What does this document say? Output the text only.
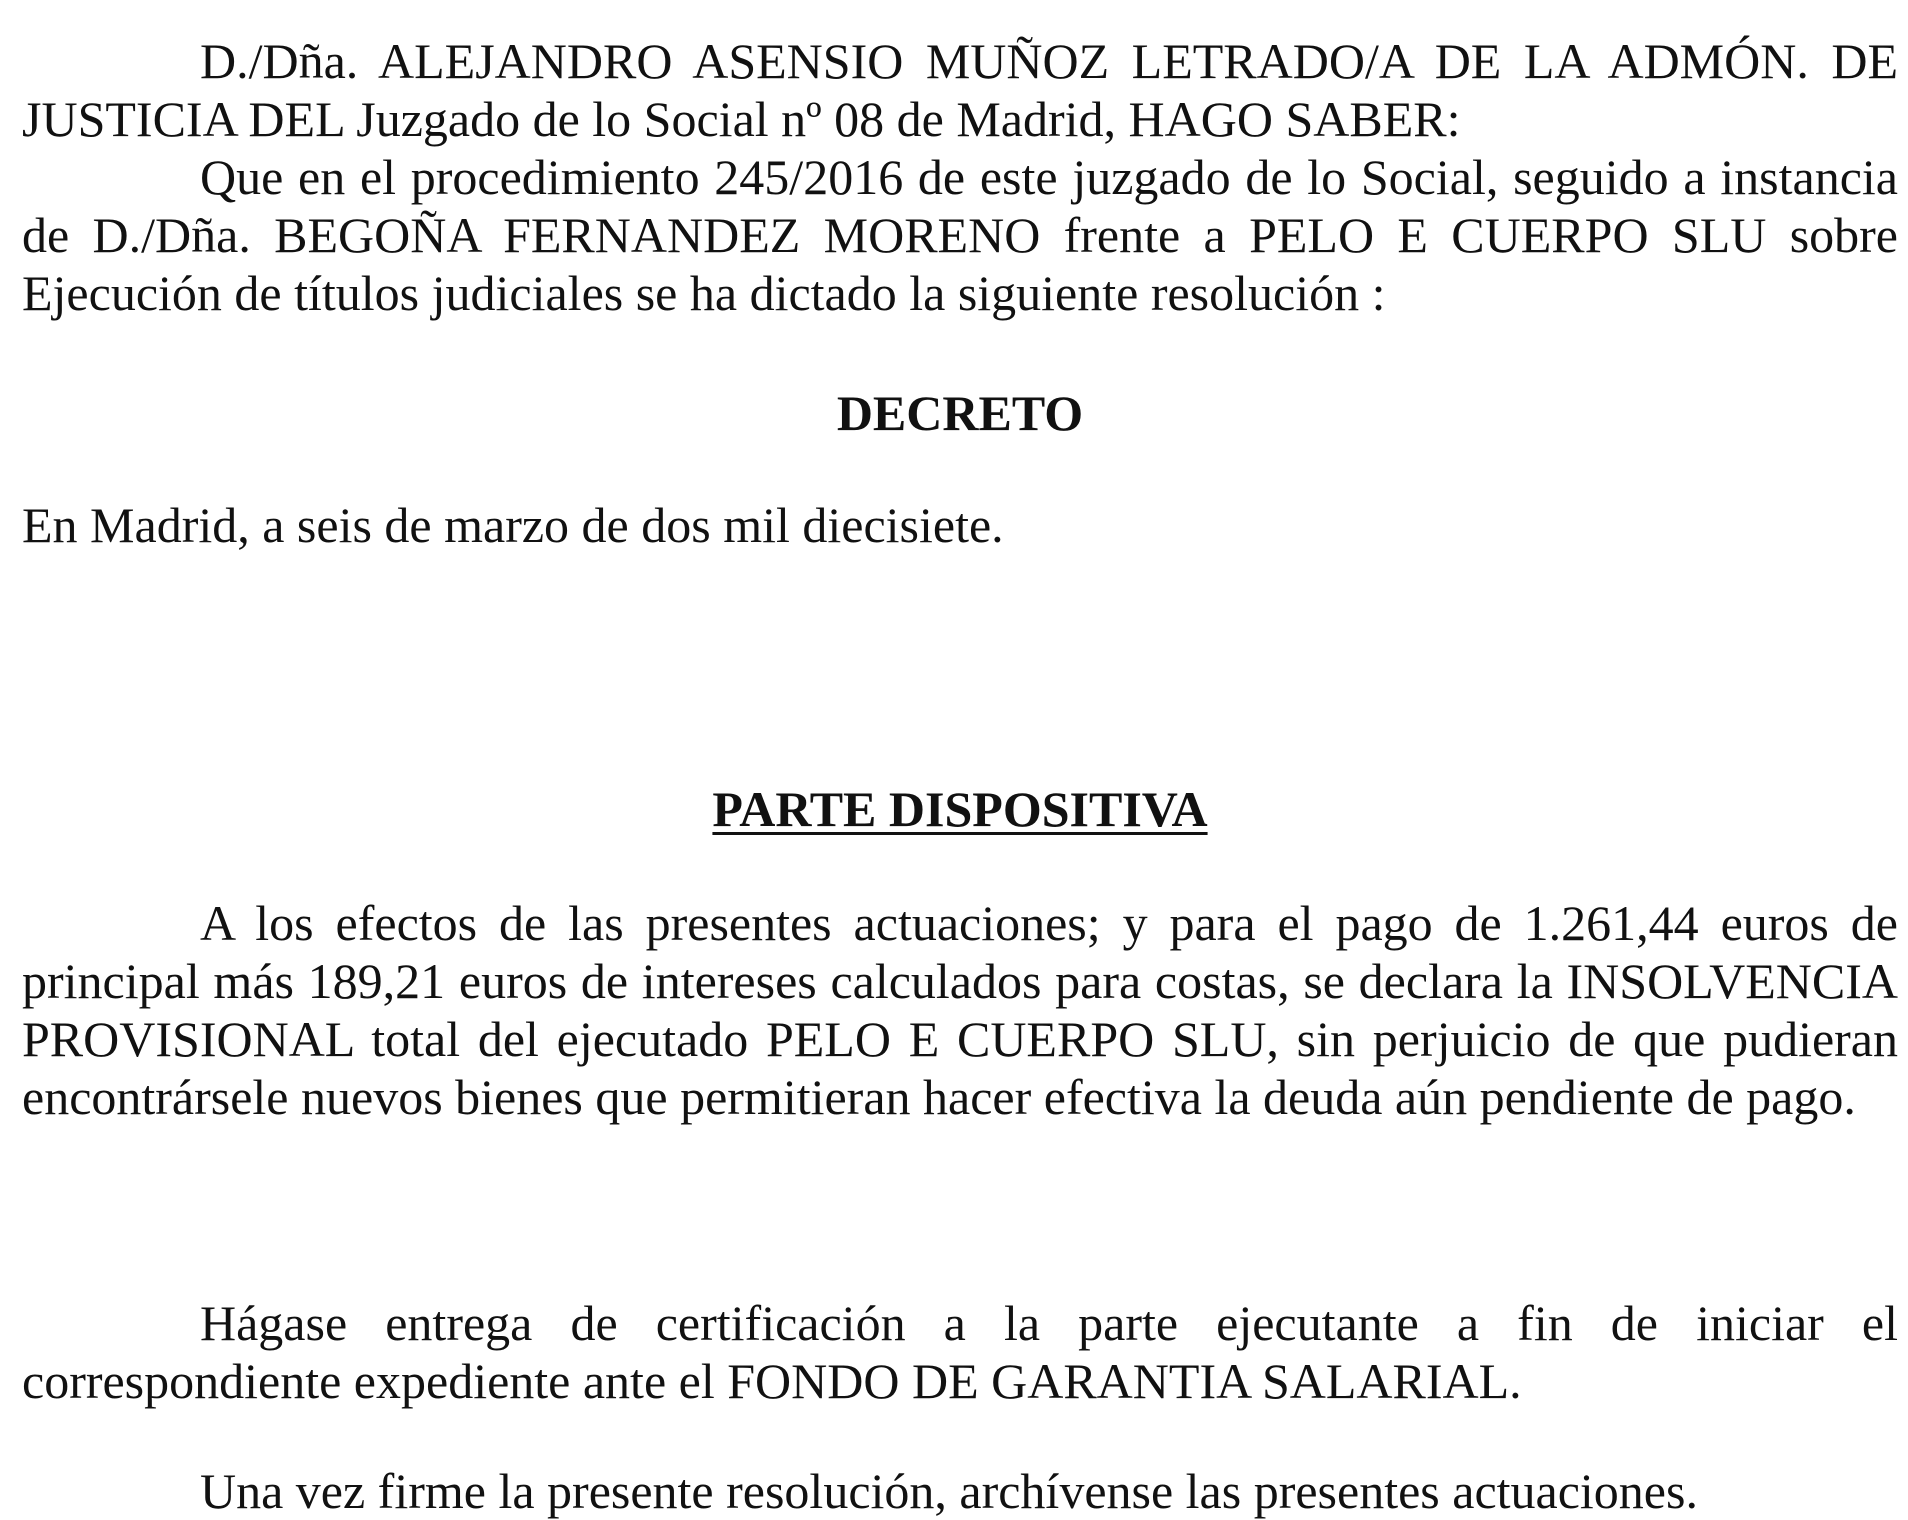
D./Dña. ALEJANDRO ASENSIO MUÑOZ LETRADO/A DE LA ADMÓN. DE JUSTICIA DEL Juzgado de lo Social nº 08 de Madrid, HAGO SABER:

Que en el procedimiento 245/2016 de este juzgado de lo Social, seguido a instancia de D./Dña. BEGOÑA FERNANDEZ MORENO frente a PELO E CUERPO SLU sobre Ejecución de títulos judiciales se ha dictado la siguiente resolución :

DECRETO

En Madrid, a seis de marzo de dos mil diecisiete.

PARTE DISPOSITIVA

A los efectos de las presentes actuaciones; y para el pago de 1.261,44 euros de principal más 189,21 euros de intereses calculados para costas, se declara la INSOLVENCIA PROVISIONAL total del ejecutado PELO E CUERPO SLU, sin perjuicio de que pudieran encontrársele nuevos bienes que permitieran hacer efectiva la deuda aún pendiente de pago.

Hágase entrega de certificación a la parte ejecutante a fin de iniciar el correspondiente expediente ante el FONDO DE GARANTIA SALARIAL.

Una vez firme la presente resolución, archívense las presentes actuaciones.
